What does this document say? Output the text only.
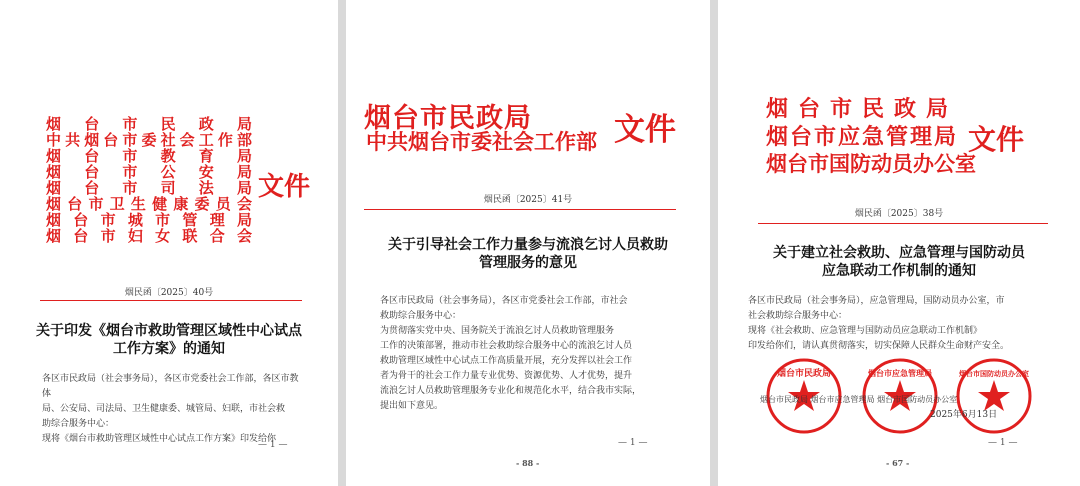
烟 台 市 民 政 局
中 共 烟 台 市 委 社 会 工 作 部
烟 台 市 教 育 局
烟 台 市 公 安 局
烟 台 市 司 法 局
烟 台 市 卫 生 健 康 委 员 会
烟 台 市 城 市 管 理 局
烟 台 市 妇 女 联 合 会
文件
烟民函〔2025〕40号
关于印发《烟台市救助管理区域性中心试点
工作方案》的通知

各区市民政局（社会事务局），各区市党委社会工作部，各区市教体

局、公安局、司法局、卫生健康委、城管局、妇联，市社会救

助综合服务中心：

现将《烟台市救助管理区域性中心试点工作方案》印发给你

— 1 —
烟台市民政局
中共烟台市委社会工作部 文件
烟民函〔2025〕41号
关于引导社会工作力量参与流浪乞讨人员救助
管理服务的意见

各区市民政局（社会事务局），各区市党委社会工作部，市社会

救助综合服务中心：

为贯彻落实党中央、国务院关于流浪乞讨人员救助管理服务

工作的决策部署，推动市社会救助综合服务中心的流浪乞讨人员

救助管理区域性中心试点工作高质量开展，充分发挥以社会工作

者为骨干的社会工作力量专业优势、资源优势、人才优势，提升

流浪乞讨人员救助管理服务专业化和规范化水平，结合我市实际，

提出如下意见。

— 1 —
- 88 -
烟台市民政局
烟台市应急管理局
烟台市国防动员办公室
文件
烟民函〔2025〕38号
关于建立社会救助、应急管理与国防动员
应急联动工作机制的通知

各区市民政局（社会事务局），应急管理局，国防动员办公室，市

社会救助综合服务中心：

现将《社会救助、应急管理与国防动员应急联动工作机制》

印发给你们，请认真贯彻落实，切实保障人民群众生命财产安全。

烟台市民政局	烟台市应急管理局	烟台市国防动员办公室
烟台市民政局 烟台市应急管理局 烟台市国防动员办公室
2025年6月13日
— 1 —
- 67 -
